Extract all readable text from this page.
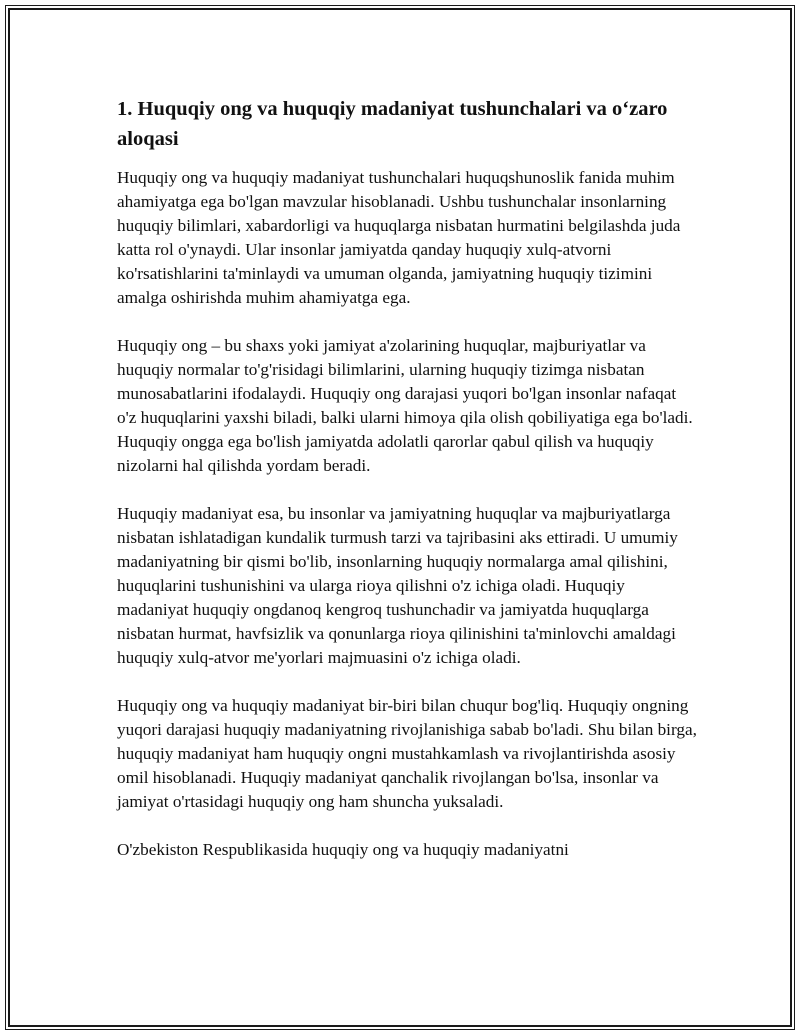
1. Huquqiy ong va huquqiy madaniyat tushunchalari va o‘zaro aloqasi

Huquqiy ong va huquqiy madaniyat tushunchalari huquqshunoslik fanida muhim ahamiyatga ega bo'lgan mavzular hisoblanadi. Ushbu tushunchalar insonlarning huquqiy bilimlari, xabardorligi va huquqlarga nisbatan hurmatini belgilashda juda katta rol o'ynaydi. Ular insonlar jamiyatda qanday huquqiy xulq-atvorni ko'rsatishlarini ta'minlaydi va umuman olganda, jamiyatning huquqiy tizimini amalga oshirishda muhim ahamiyatga ega.

Huquqiy ong – bu shaxs yoki jamiyat a'zolarining huquqlar, majburiyatlar va huquqiy normalar to'g'risidagi bilimlarini, ularning huquqiy tizimga nisbatan munosabatlarini ifodalaydi. Huquqiy ong darajasi yuqori bo'lgan insonlar nafaqat o'z huquqlarini yaxshi biladi, balki ularni himoya qila olish qobiliyatiga ega bo'ladi. Huquqiy ongga ega bo'lish jamiyatda adolatli qarorlar qabul qilish va huquqiy nizolarni hal qilishda yordam beradi.

Huquqiy madaniyat esa, bu insonlar va jamiyatning huquqlar va majburiyatlarga nisbatan ishlatadigan kundalik turmush tarzi va tajribasini aks ettiradi. U umumiy madaniyatning bir qismi bo'lib, insonlarning huquqiy normalarga amal qilishini, huquqlarini tushunishini va ularga rioya qilishni o'z ichiga oladi. Huquqiy madaniyat huquqiy ongdanoq kengroq tushunchadir va jamiyatda huquqlarga nisbatan hurmat, havfsizlik va qonunlarga rioya qilinishini ta'minlovchi amaldagi huquqiy xulq-atvor me'yorlari majmuasini o'z ichiga oladi.

Huquqiy ong va huquqiy madaniyat bir-biri bilan chuqur bog'liq. Huquqiy ongning yuqori darajasi huquqiy madaniyatning rivojlanishiga sabab bo'ladi. Shu bilan birga, huquqiy madaniyat ham huquqiy ongni mustahkamlash va rivojlantirishda asosiy omil hisoblanadi. Huquqiy madaniyat qanchalik rivojlangan bo'lsa, insonlar va jamiyat o'rtasidagi huquqiy ong ham shuncha yuksaladi.

O'zbekiston Respublikasida huquqiy ong va huquqiy madaniyatni
